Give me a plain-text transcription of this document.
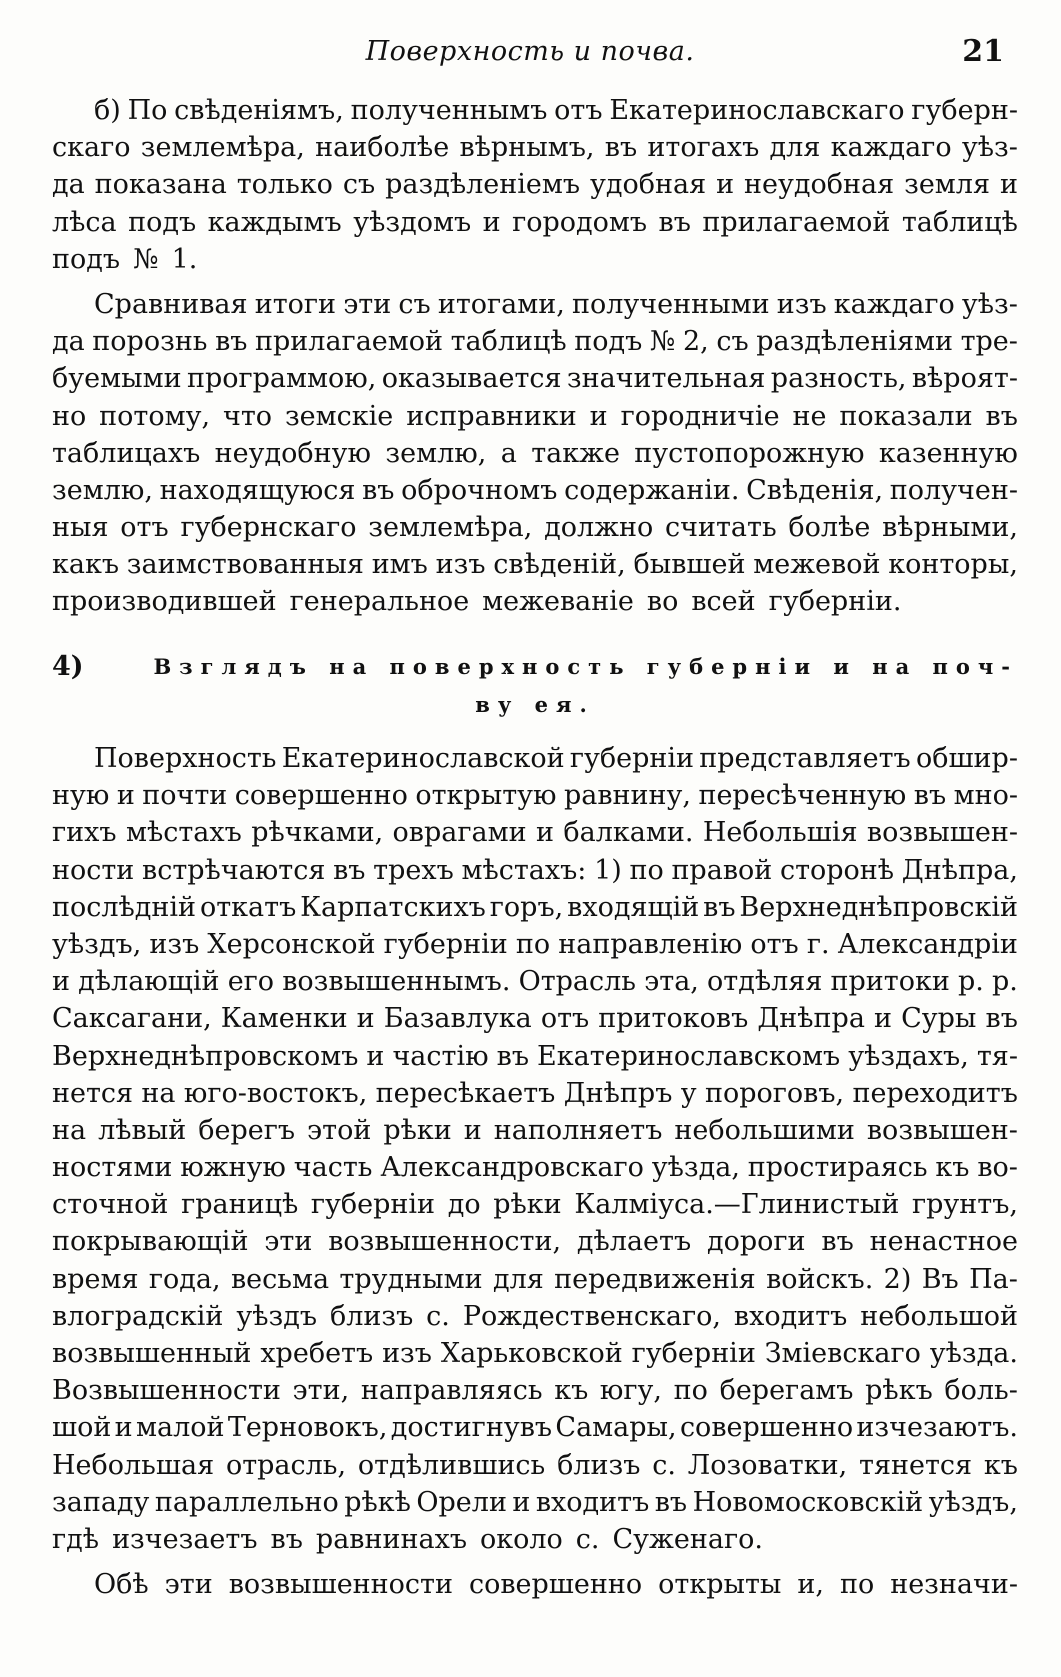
Поверхность и почва.	21
б) По свѣденіямъ, полученнымъ отъ Екатеринославскаго губерн-
скаго землемѣра, наиболѣе вѣрнымъ, въ итогахъ для каждаго уѣз-
да показана только съ раздѣленіемъ удобная и неудобная земля и
лѣса подъ каждымъ уѣздомъ и городомъ въ прилагаемой таблицѣ
подъ № 1.
Сравнивая итоги эти съ итогами, полученными изъ каждаго уѣз-
да порознь въ прилагаемой таблицѣ подъ № 2, съ раздѣленіями тре-
буемыми программою, оказывается значительная разность, вѣроят-
но потому, что земскіе исправники и городничіе не показали въ
таблицахъ неудобную землю, а также пустопорожную казенную
землю, находящуюся въ оброчномъ содержаніи. Свѣденія, получен-
ныя отъ губернскаго землемѣра, должно считать болѣе вѣрными,
какъ заимствованныя имъ изъ свѣденій, бывшей межевой конторы,
производившей генеральное межеваніе во всей губерніи.
4)	Взглядъ на поверхность губерніи и на поч-
ву ея.
Поверхность Екатеринославской губерніи представляетъ обшир-
ную и почти совершенно открытую равнину, пересѣченную въ мно-
гихъ мѣстахъ рѣчками, оврагами и балками. Небольшія возвышен-
ности встрѣчаются въ трехъ мѣстахъ: 1) по правой сторонѣ Днѣпра,
послѣдній откатъ Карпатскихъ горъ, входящій въ Верхнеднѣпровскій
уѣздъ, изъ Херсонской губерніи по направленію отъ г. Александріи
и дѣлающій его возвышеннымъ. Отрасль эта, отдѣляя притоки р. р.
Саксагани, Каменки и Базавлука отъ притоковъ Днѣпра и Суры въ
Верхнеднѣпровскомъ и частію въ Екатеринославскомъ уѣздахъ, тя-
нется на юго-востокъ, пересѣкаетъ Днѣпръ у пороговъ, переходитъ
на лѣвый берегъ этой рѣки и наполняетъ небольшими возвышен-
ностями южную часть Александровскаго уѣзда, простираясь къ во-
сточной границѣ губерніи до рѣки Калміуса.—Глинистый грунтъ,
покрывающій эти возвышенности, дѣлаетъ дороги въ ненастное
время года, весьма трудными для передвиженія войскъ. 2) Въ Па-
влоградскій уѣздъ близъ с. Рождественскаго, входитъ небольшой
возвышенный хребетъ изъ Харьковской губерніи Зміевскаго уѣзда.
Возвышенности эти, направляясь къ югу, по берегамъ рѣкъ боль-
шой и малой Терновокъ, достигнувъ Самары, совершенно изчезаютъ.
Небольшая отрасль, отдѣлившись близъ с. Лозоватки, тянется къ
западу параллельно рѣкѣ Орели и входитъ въ Новомосковскій уѣздъ,
гдѣ изчезаетъ въ равнинахъ около с. Суженаго.
Обѣ эти возвышенности совершенно открыты и, по незначи-
